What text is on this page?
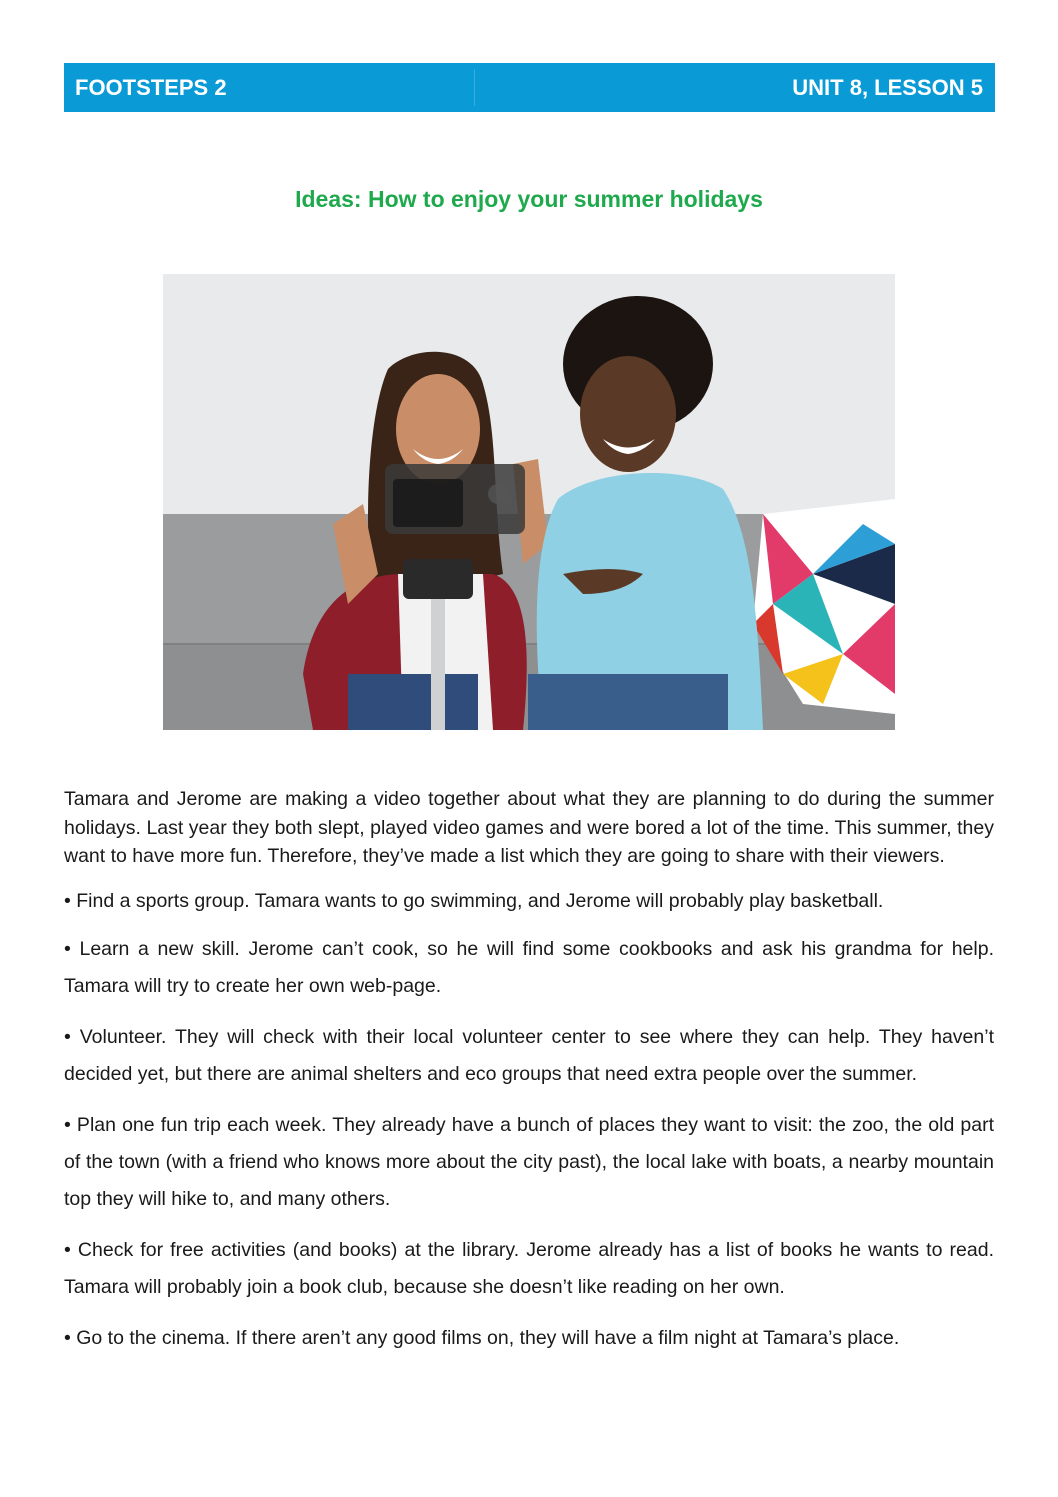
FOOTSTEPS 2	UNIT 8, LESSON 5
Ideas: How to enjoy your summer holidays

Tamara and Jerome are making a video together about what they are planning to do during the summer holidays. Last year they both slept, played video games and were bored a lot of the time. This summer, they want to have more fun. Therefore, they’ve made a list which they are going to share with their viewers.

• Find a sports group. Tamara wants to go swimming, and Jerome will probably play basketball.

• Learn a new skill. Jerome can’t cook, so he will find some cookbooks and ask his grandma for help. Tamara will try to create her own web-page.

• Volunteer. They will check with their local volunteer center to see where they can help. They haven’t decided yet, but there are animal shelters and eco groups that need extra people over the summer.

• Plan one fun trip each week. They already have a bunch of places they want to visit: the zoo, the old part of the town (with a friend who knows more about the city past), the local lake with boats, a nearby mountain top they will hike to, and many others.

• Check for free activities (and books) at the library. Jerome already has a list of books he wants to read. Tamara will probably join a book club, because she doesn’t like reading on her own.

• Go to the cinema. If there aren’t any good films on, they will have a film night at Tamara’s place.
